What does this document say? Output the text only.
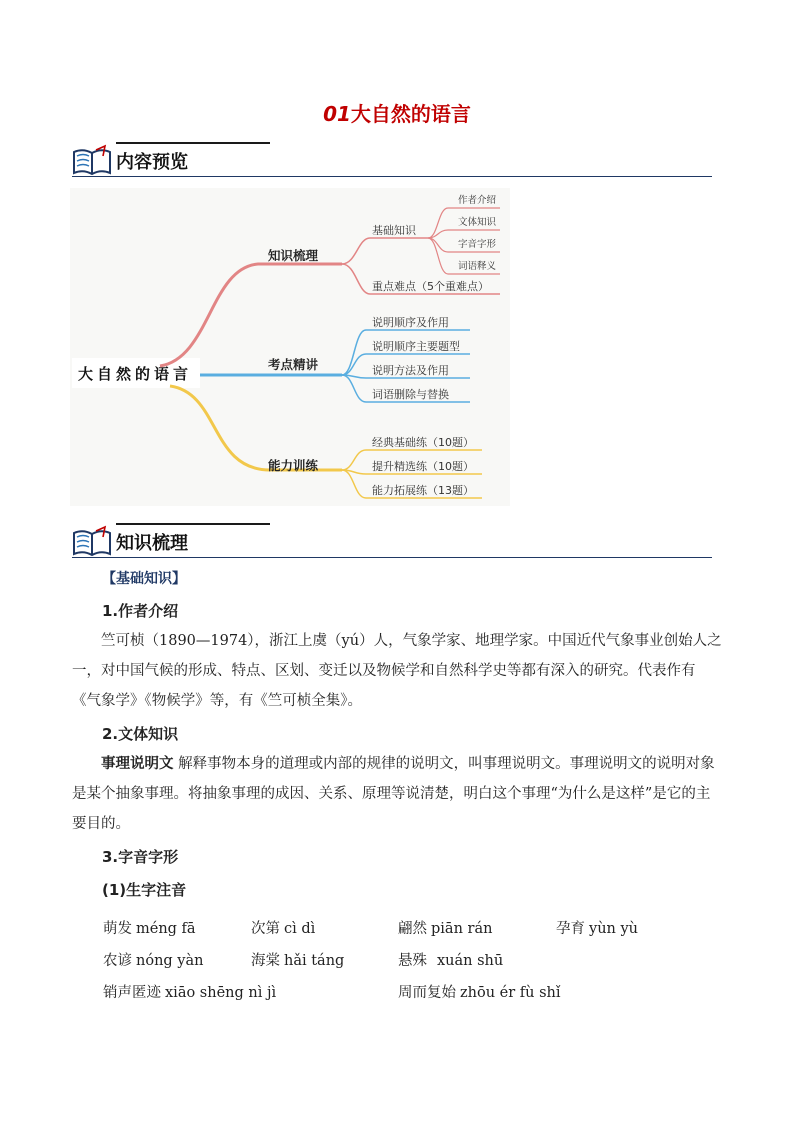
01大自然的语言
内容预览
大自然的语言
知识梳理
考点精讲
能力训练
基础知识
重点难点（5个重难点）
作者介绍
文体知识
字音字形
词语释义
说明顺序及作用
说明顺序主要题型
说明方法及作用
词语删除与替换
经典基础练（10题）
提升精选练（10题）
能力拓展练（13题）
知识梳理
【基础知识】
1.作者介绍

竺可桢（1890—1974），浙江上虞（yú）人，气象学家、地理学家。中国近代气象事业创始人之一，对中国气候的形成、特点、区划、变迁以及物候学和自然科学史等都有深入的研究。代表作有《气象学》《物候学》等，有《竺可桢全集》。

2.文体知识

事理说明文 解释事物本身的道理或内部的规律的说明文，叫事理说明文。事理说明文的说明对象是某个抽象事理。将抽象事理的成因、关系、原理等说清楚，明白这个事理“为什么是这样”是它的主要目的。

3.字音字形
(1)生字注音
萌发 méng fā	次第 cì dì	翩然 piān rán	孕育 yùn yù
农谚 nóng yàn	海棠 hǎi táng	悬殊 xuán shū
销声匿迹 xiāo shēng nì jì	周而复始 zhōu ér fù shǐ
